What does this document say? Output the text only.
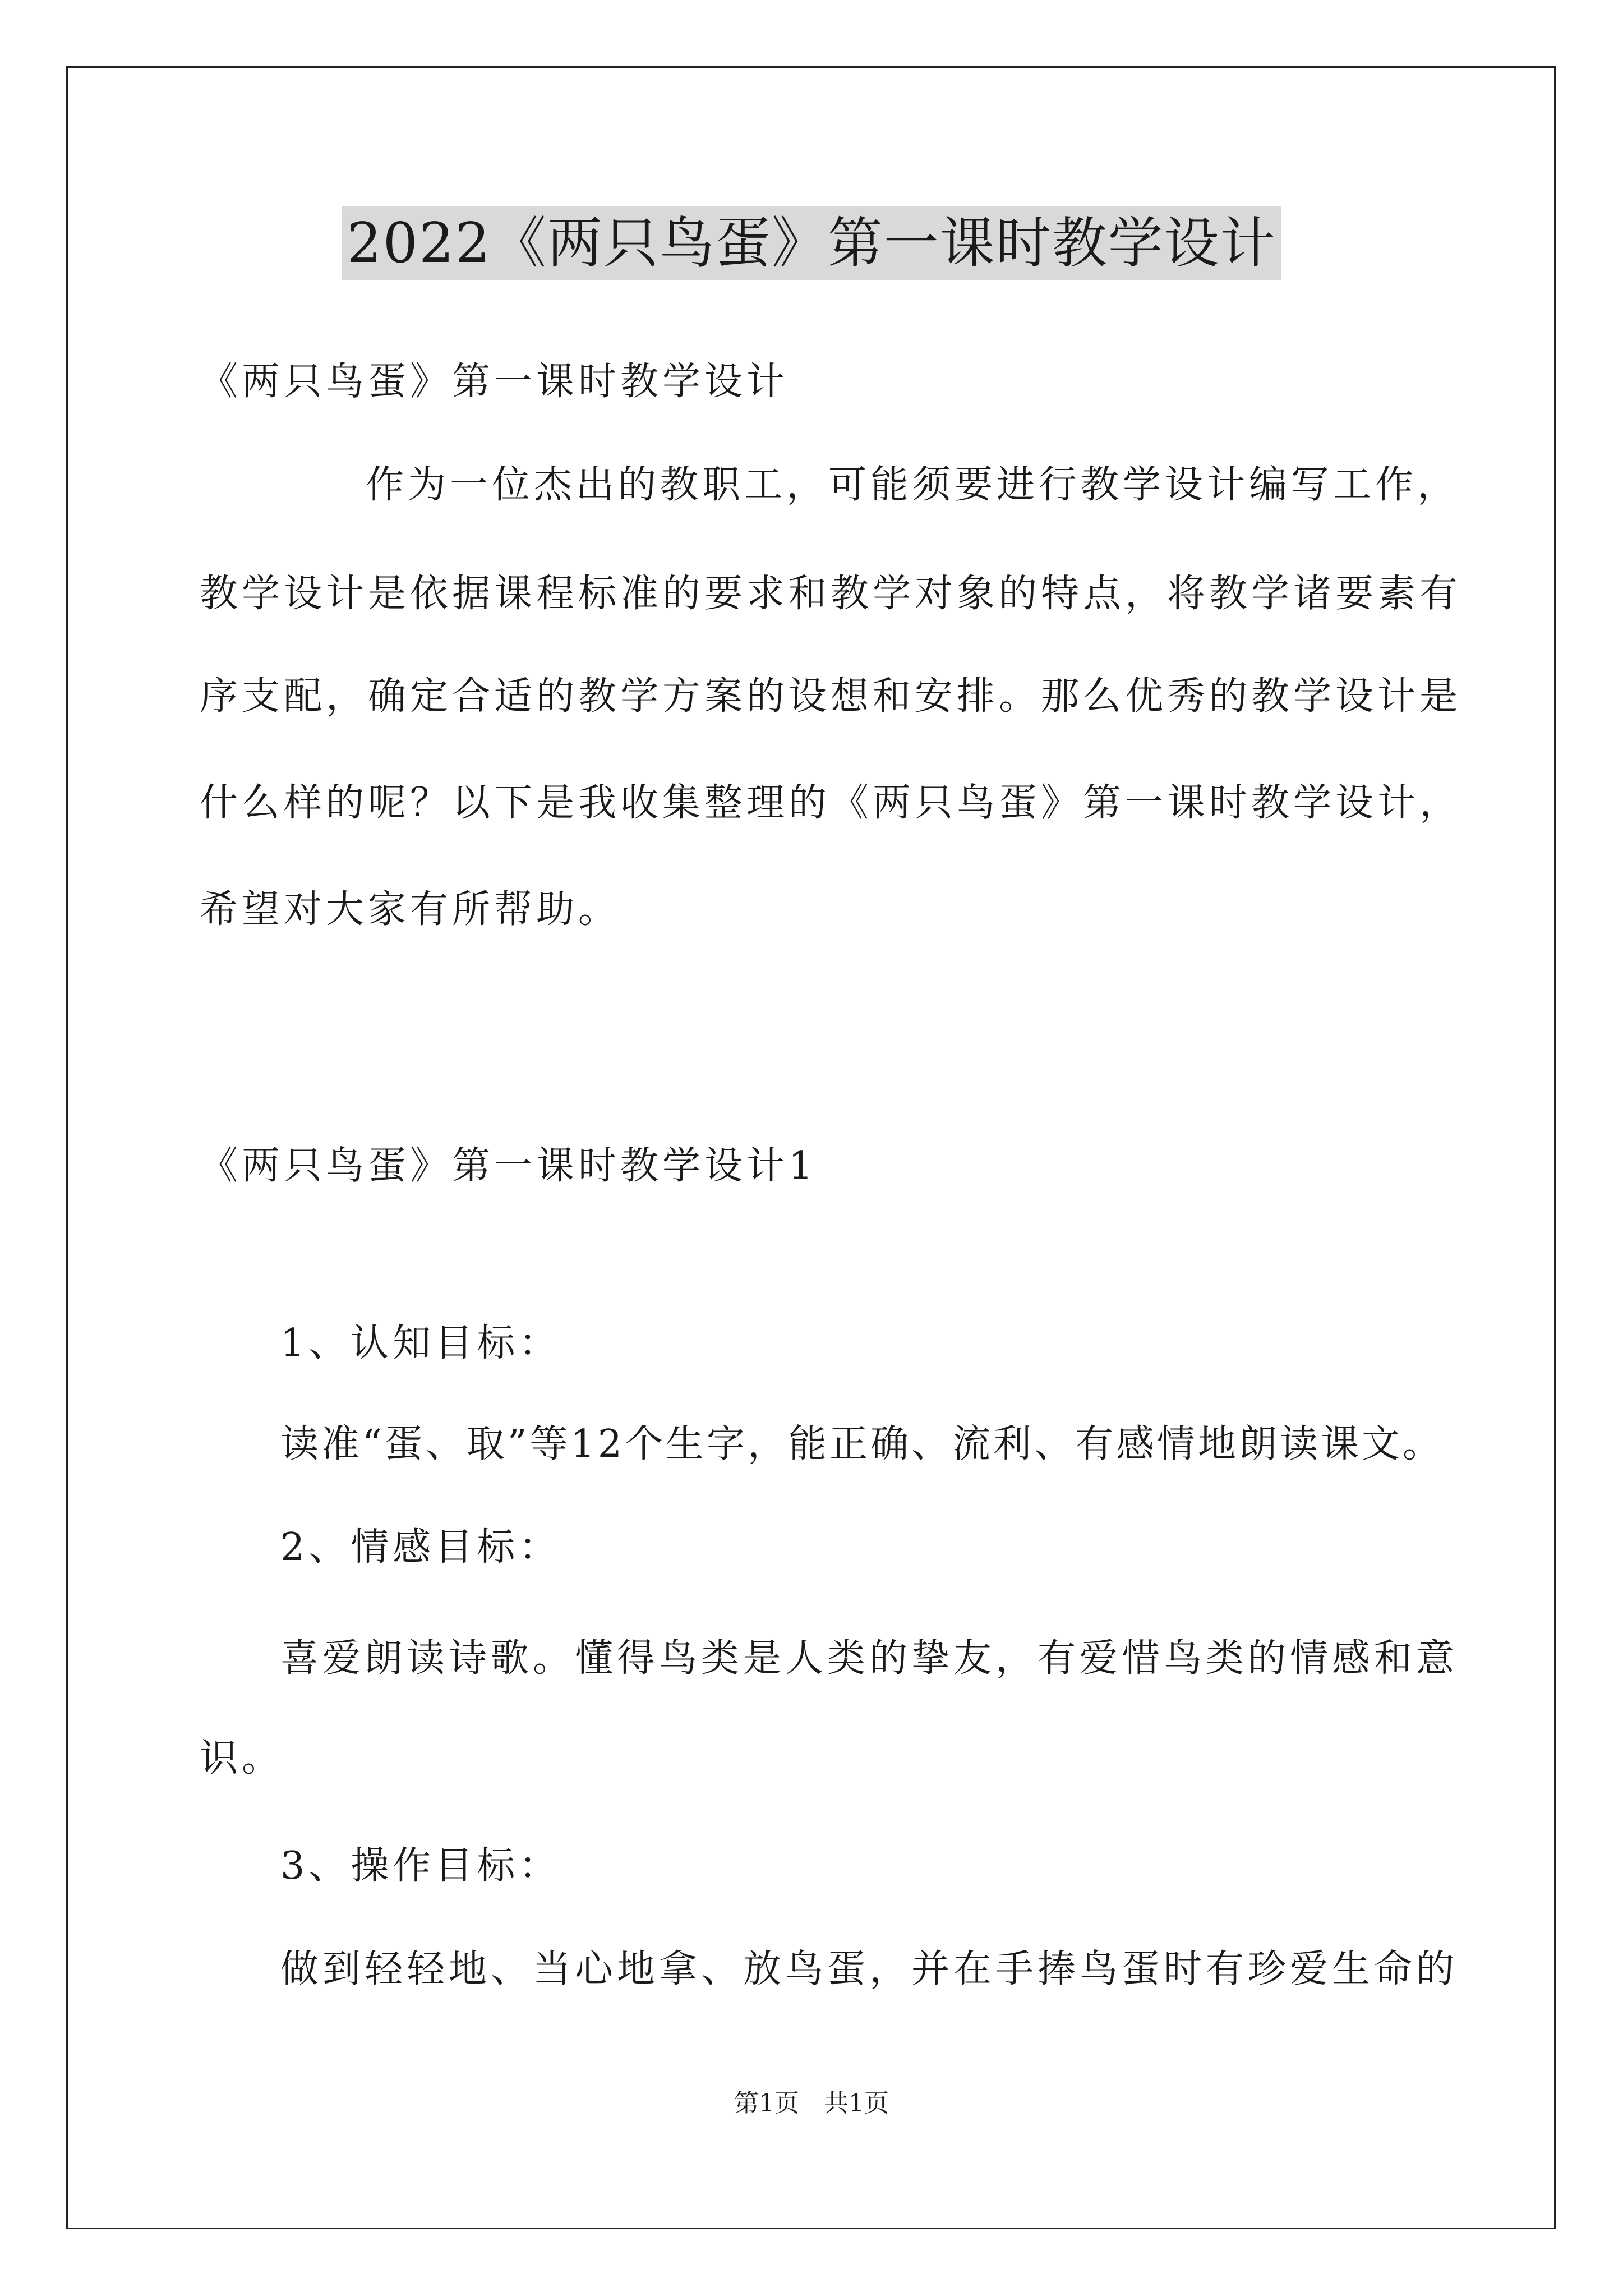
2022《两只鸟蛋》第一课时教学设计
《两只鸟蛋》第一课时教学设计
作为一位杰出的教职工，可能须要进行教学设计编写工作，
教学设计是依据课程标准的要求和教学对象的特点，将教学诸要素有
序支配，确定合适的教学方案的设想和安排。那么优秀的教学设计是
什么样的呢？以下是我收集整理的《两只鸟蛋》第一课时教学设计，
希望对大家有所帮助。
《两只鸟蛋》第一课时教学设计1
1、认知目标：
读准“蛋、取”等12个生字，能正确、流利、有感情地朗读课文。
2、情感目标：
喜爱朗读诗歌。懂得鸟类是人类的挚友，有爱惜鸟类的情感和意
识。
3、操作目标：
做到轻轻地、当心地拿、放鸟蛋，并在手捧鸟蛋时有珍爱生命的
第1页　共1页
